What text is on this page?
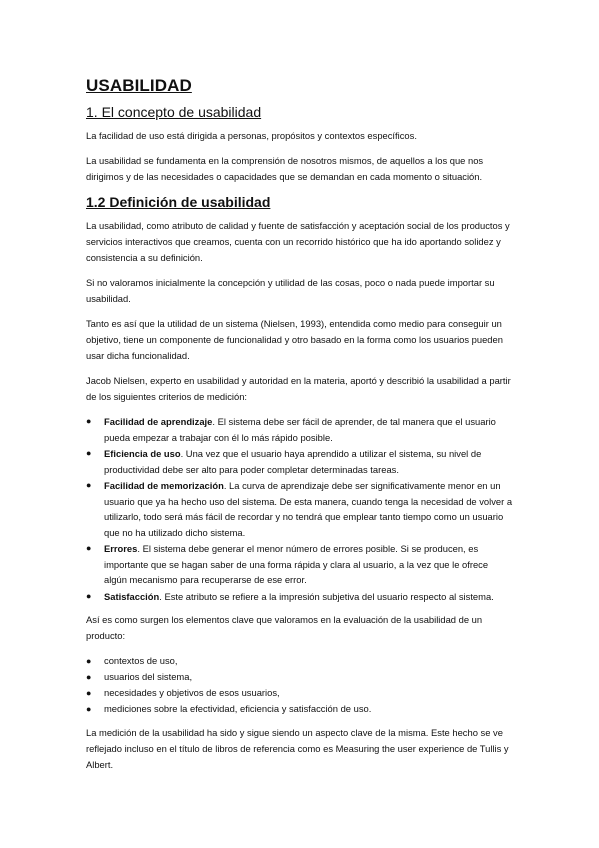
USABILIDAD
1. El concepto de usabilidad

La facilidad de uso está dirigida a personas, propósitos y contextos específicos.

La usabilidad se fundamenta en la comprensión de nosotros mismos, de aquellos a los que nos dirigimos y de las necesidades o capacidades que se demandan en cada momento o situación.

1.2 Definición de usabilidad

La usabilidad, como atributo de calidad y fuente de satisfacción y aceptación social de los productos y servicios interactivos que creamos, cuenta con un recorrido histórico que ha ido aportando solidez y consistencia a su definición.

Si no valoramos inicialmente la concepción y utilidad de las cosas, poco o nada puede importar su usabilidad.

Tanto es así que la utilidad de un sistema (Nielsen, 1993), entendida como medio para conseguir un objetivo, tiene un componente de funcionalidad y otro basado en la forma como los usuarios pueden usar dicha funcionalidad.

Jacob Nielsen, experto en usabilidad y autoridad en la materia, aportó y describió la usabilidad a partir de los siguientes criterios de medición:

● Facilidad de aprendizaje. El sistema debe ser fácil de aprender, de tal manera que el usuario pueda empezar a trabajar con él lo más rápido posible.
● Eficiencia de uso. Una vez que el usuario haya aprendido a utilizar el sistema, su nivel de productividad debe ser alto para poder completar determinadas tareas.
● Facilidad de memorización. La curva de aprendizaje debe ser significativamente menor en un usuario que ya ha hecho uso del sistema. De esta manera, cuando tenga la necesidad de volver a utilizarlo, todo será más fácil de recordar y no tendrá que emplear tanto tiempo como un usuario que no ha utilizado dicho sistema.
● Errores. El sistema debe generar el menor número de errores posible. Si se producen, es importante que se hagan saber de una forma rápida y clara al usuario, a la vez que le ofrece algún mecanismo para recuperarse de ese error.
● Satisfacción. Este atributo se refiere a la impresión subjetiva del usuario respecto al sistema.

Así es como surgen los elementos clave que valoramos en la evaluación de la usabilidad de un producto:

● contextos de uso,
● usuarios del sistema,
● necesidades y objetivos de esos usuarios,
● mediciones sobre la efectividad, eficiencia y satisfacción de uso.

La medición de la usabilidad ha sido y sigue siendo un aspecto clave de la misma. Este hecho se ve reflejado incluso en el título de libros de referencia como es Measuring the user experience de Tullis y Albert.
